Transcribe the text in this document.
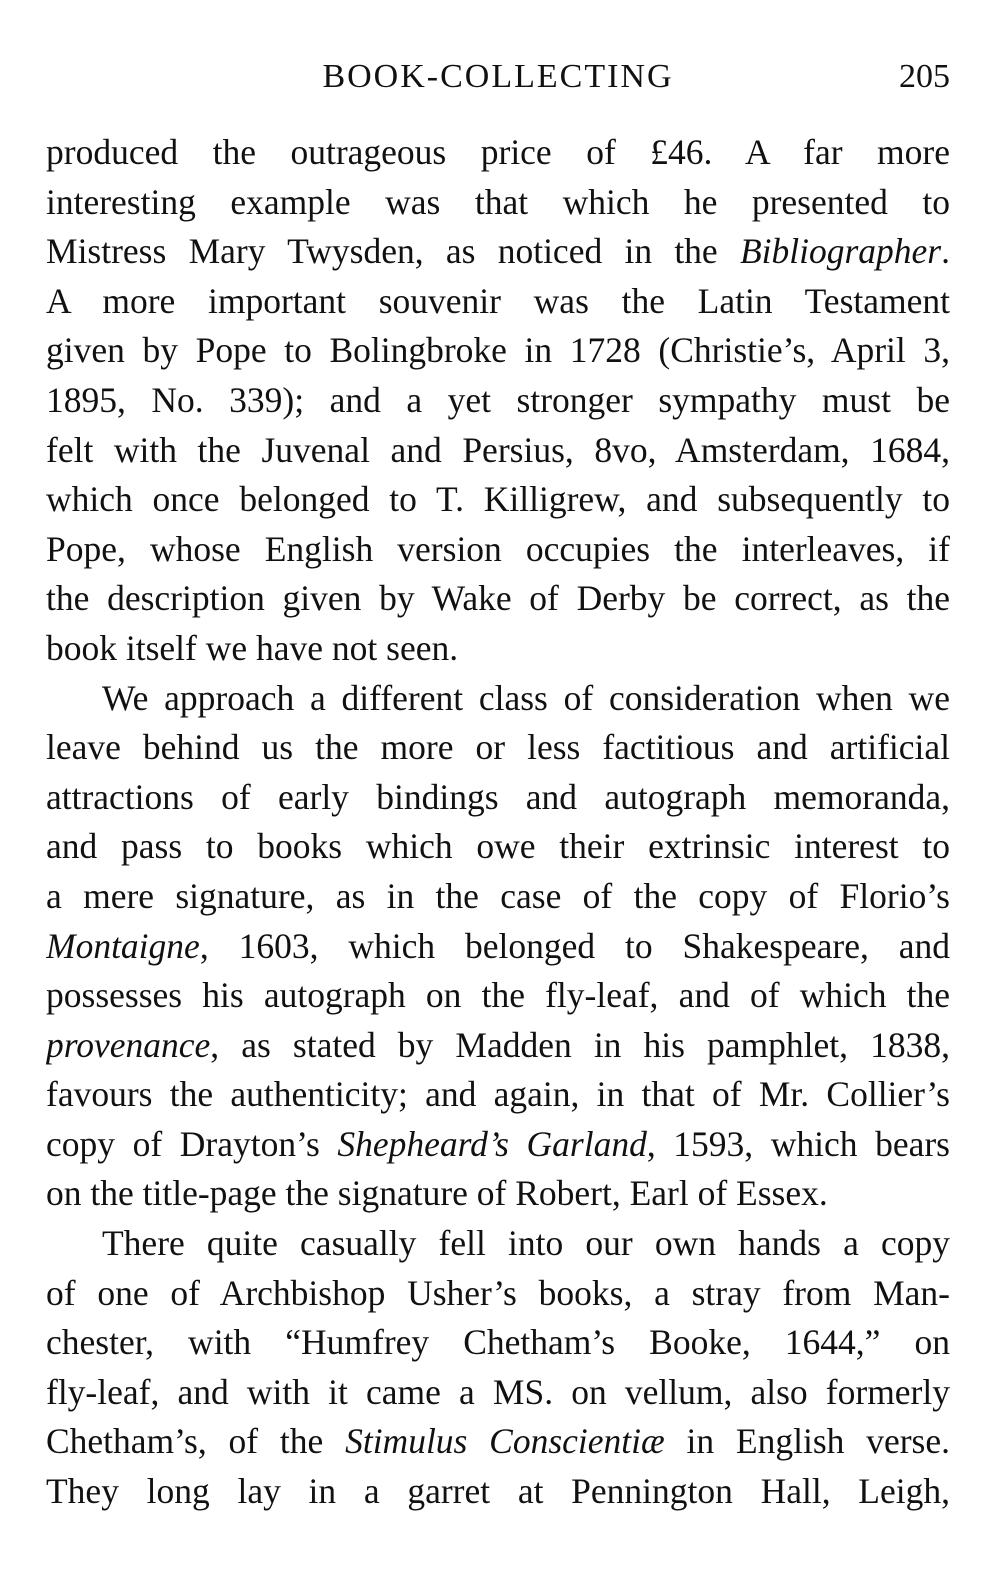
BOOK-COLLECTING	205
produced the outrageous price of £46. A far more
interesting example was that which he presented to
Mistress Mary Twysden, as noticed in the Bibliographer.
A more important souvenir was the Latin Testament
given by Pope to Bolingbroke in 1728 (Christie’s, April 3,
1895, No. 339); and a yet stronger sympathy must be
felt with the Juvenal and Persius, 8vo, Amsterdam, 1684,
which once belonged to T. Killigrew, and subsequently to
Pope, whose English version occupies the interleaves, if
the description given by Wake of Derby be correct, as the
book itself we have not seen.
We approach a different class of consideration when we
leave behind us the more or less factitious and artificial
attractions of early bindings and autograph memoranda,
and pass to books which owe their extrinsic interest to
a mere signature, as in the case of the copy of Florio’s
Montaigne, 1603, which belonged to Shakespeare, and
possesses his autograph on the fly-leaf, and of which the
provenance, as stated by Madden in his pamphlet, 1838,
favours the authenticity; and again, in that of Mr. Collier’s
copy of Drayton’s Shepheard’s Garland, 1593, which bears
on the title-page the signature of Robert, Earl of Essex.
There quite casually fell into our own hands a copy
of one of Archbishop Usher’s books, a stray from Man-
chester, with “Humfrey Chetham’s Booke, 1644,” on
fly-leaf, and with it came a MS. on vellum, also formerly
Chetham’s, of the Stimulus Conscientiæ in English verse.
They long lay in a garret at Pennington Hall, Leigh,
